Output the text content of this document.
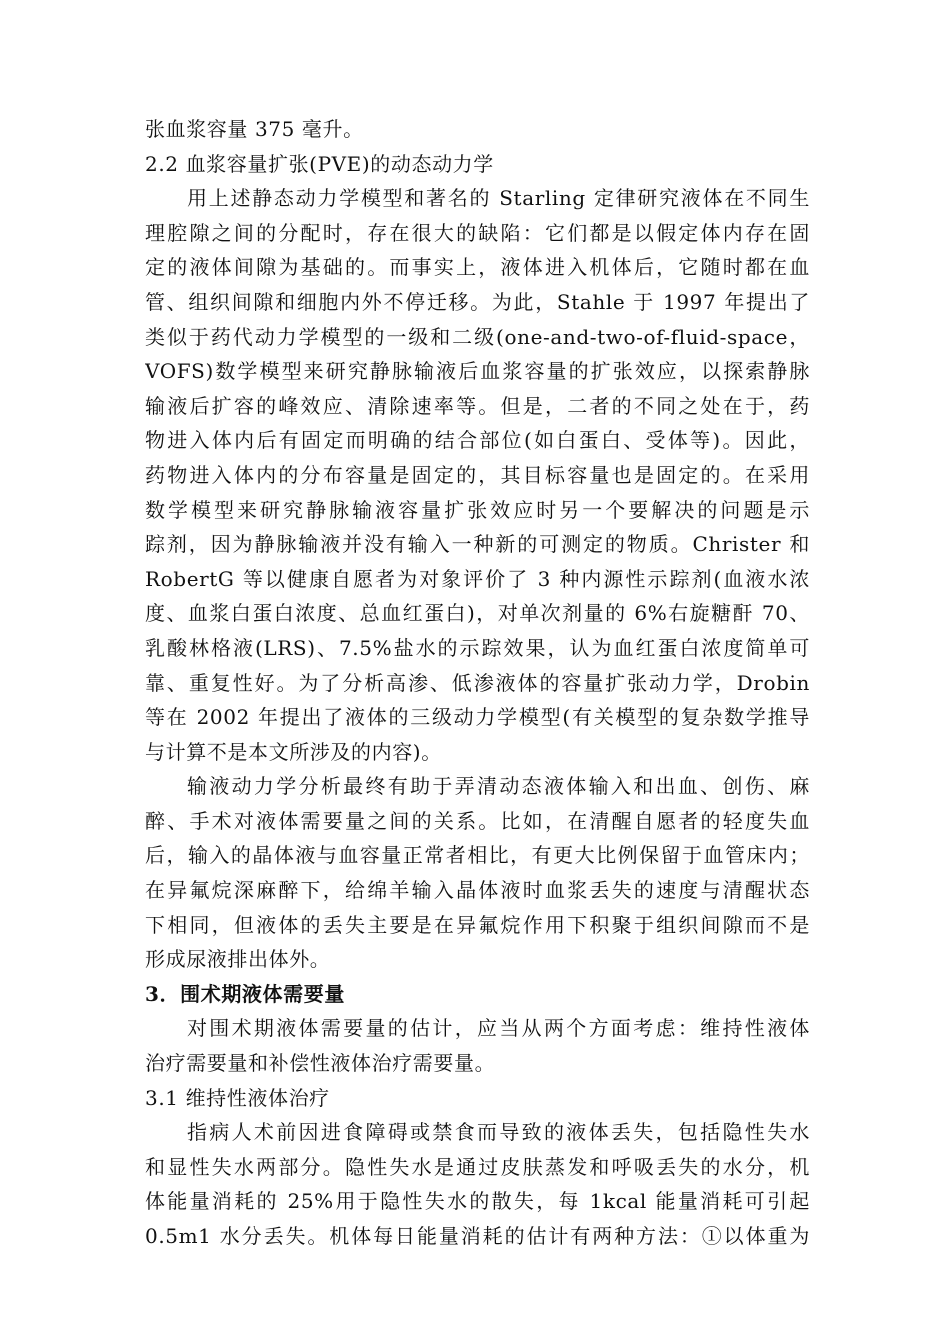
张血浆容量 375 毫升。
2.2 血浆容量扩张(PVE)的动态动力学
用上述静态动力学模型和著名的 Starling 定律研究液体在不同生
理腔隙之间的分配时，存在很大的缺陷：它们都是以假定体内存在固
定的液体间隙为基础的。而事实上，液体进入机体后，它随时都在血
管、组织间隙和细胞内外不停迁移。为此，Stahle 于 1997 年提出了
类似于药代动力学模型的一级和二级(one-and-two-of-fluid-space，
VOFS)数学模型来研究静脉输液后血浆容量的扩张效应，以探索静脉
输液后扩容的峰效应、清除速率等。但是，二者的不同之处在于，药
物进入体内后有固定而明确的结合部位(如白蛋白、受体等)。因此，
药物进入体内的分布容量是固定的，其目标容量也是固定的。在采用
数学模型来研究静脉输液容量扩张效应时另一个要解决的问题是示
踪剂，因为静脉输液并没有输入一种新的可测定的物质。Christer 和
RobertG 等以健康自愿者为对象评价了 3 种内源性示踪剂(血液水浓
度、血浆白蛋白浓度、总血红蛋白)，对单次剂量的 6%右旋糖酐 70、
乳酸林格液(LRS)、7.5%盐水的示踪效果，认为血红蛋白浓度简单可
靠、重复性好。为了分析高渗、低渗液体的容量扩张动力学，Drobin
等在 2002 年提出了液体的三级动力学模型(有关模型的复杂数学推导
与计算不是本文所涉及的内容)。
输液动力学分析最终有助于弄清动态液体输入和出血、创伤、麻
醉、手术对液体需要量之间的关系。比如，在清醒自愿者的轻度失血
后，输入的晶体液与血容量正常者相比，有更大比例保留于血管床内；
在异氟烷深麻醉下，给绵羊输入晶体液时血浆丢失的速度与清醒状态
下相同，但液体的丢失主要是在异氟烷作用下积聚于组织间隙而不是
形成尿液排出体外。
3．围术期液体需要量
对围术期液体需要量的估计，应当从两个方面考虑：维持性液体
治疗需要量和补偿性液体治疗需要量。
3.1 维持性液体治疗
指病人术前因进食障碍或禁食而导致的液体丢失，包括隐性失水
和显性失水两部分。隐性失水是通过皮肤蒸发和呼吸丢失的水分，机
体能量消耗的 25%用于隐性失水的散失，每 1kcal 能量消耗可引起
0.5m1 水分丢失。机体每日能量消耗的估计有两种方法：①以体重为
